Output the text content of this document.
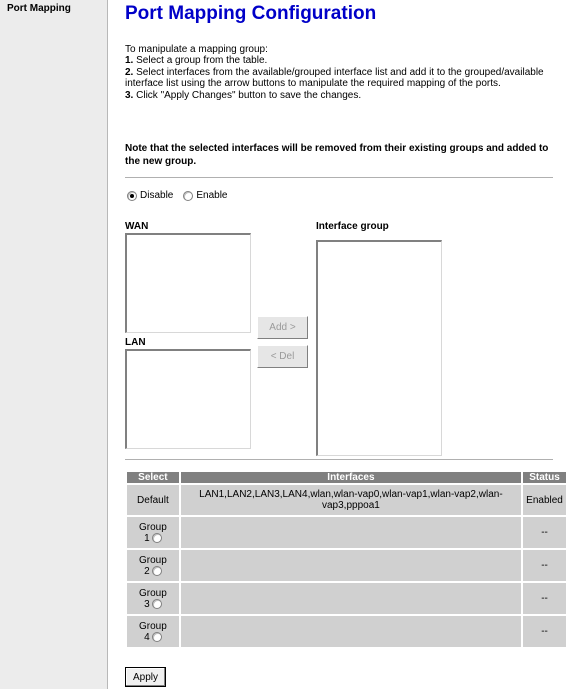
Port Mapping	Port Mapping Configuration
To manipulate a mapping group:
1. Select a group from the table.
2. Select interfaces from the available/grouped interface list and add it to the grouped/available interface list using the arrow buttons to manipulate the required mapping of the ports.
3. Click "Apply Changes" button to save the changes.
Note that the selected interfaces will be removed from their existing groups and added to the new group.
Disable Enable
WAN
LAN
Add >
< Del
Interface group
Select	Interfaces	Status
Default	LAN1,LAN2,LAN3,LAN4,wlan,wlan-vap0,wlan-vap1,wlan-vap2,wlan-vap3,pppoa1	Enabled
Group
1		--
Group
2		--
Group
3		--
Group
4		--
Apply
